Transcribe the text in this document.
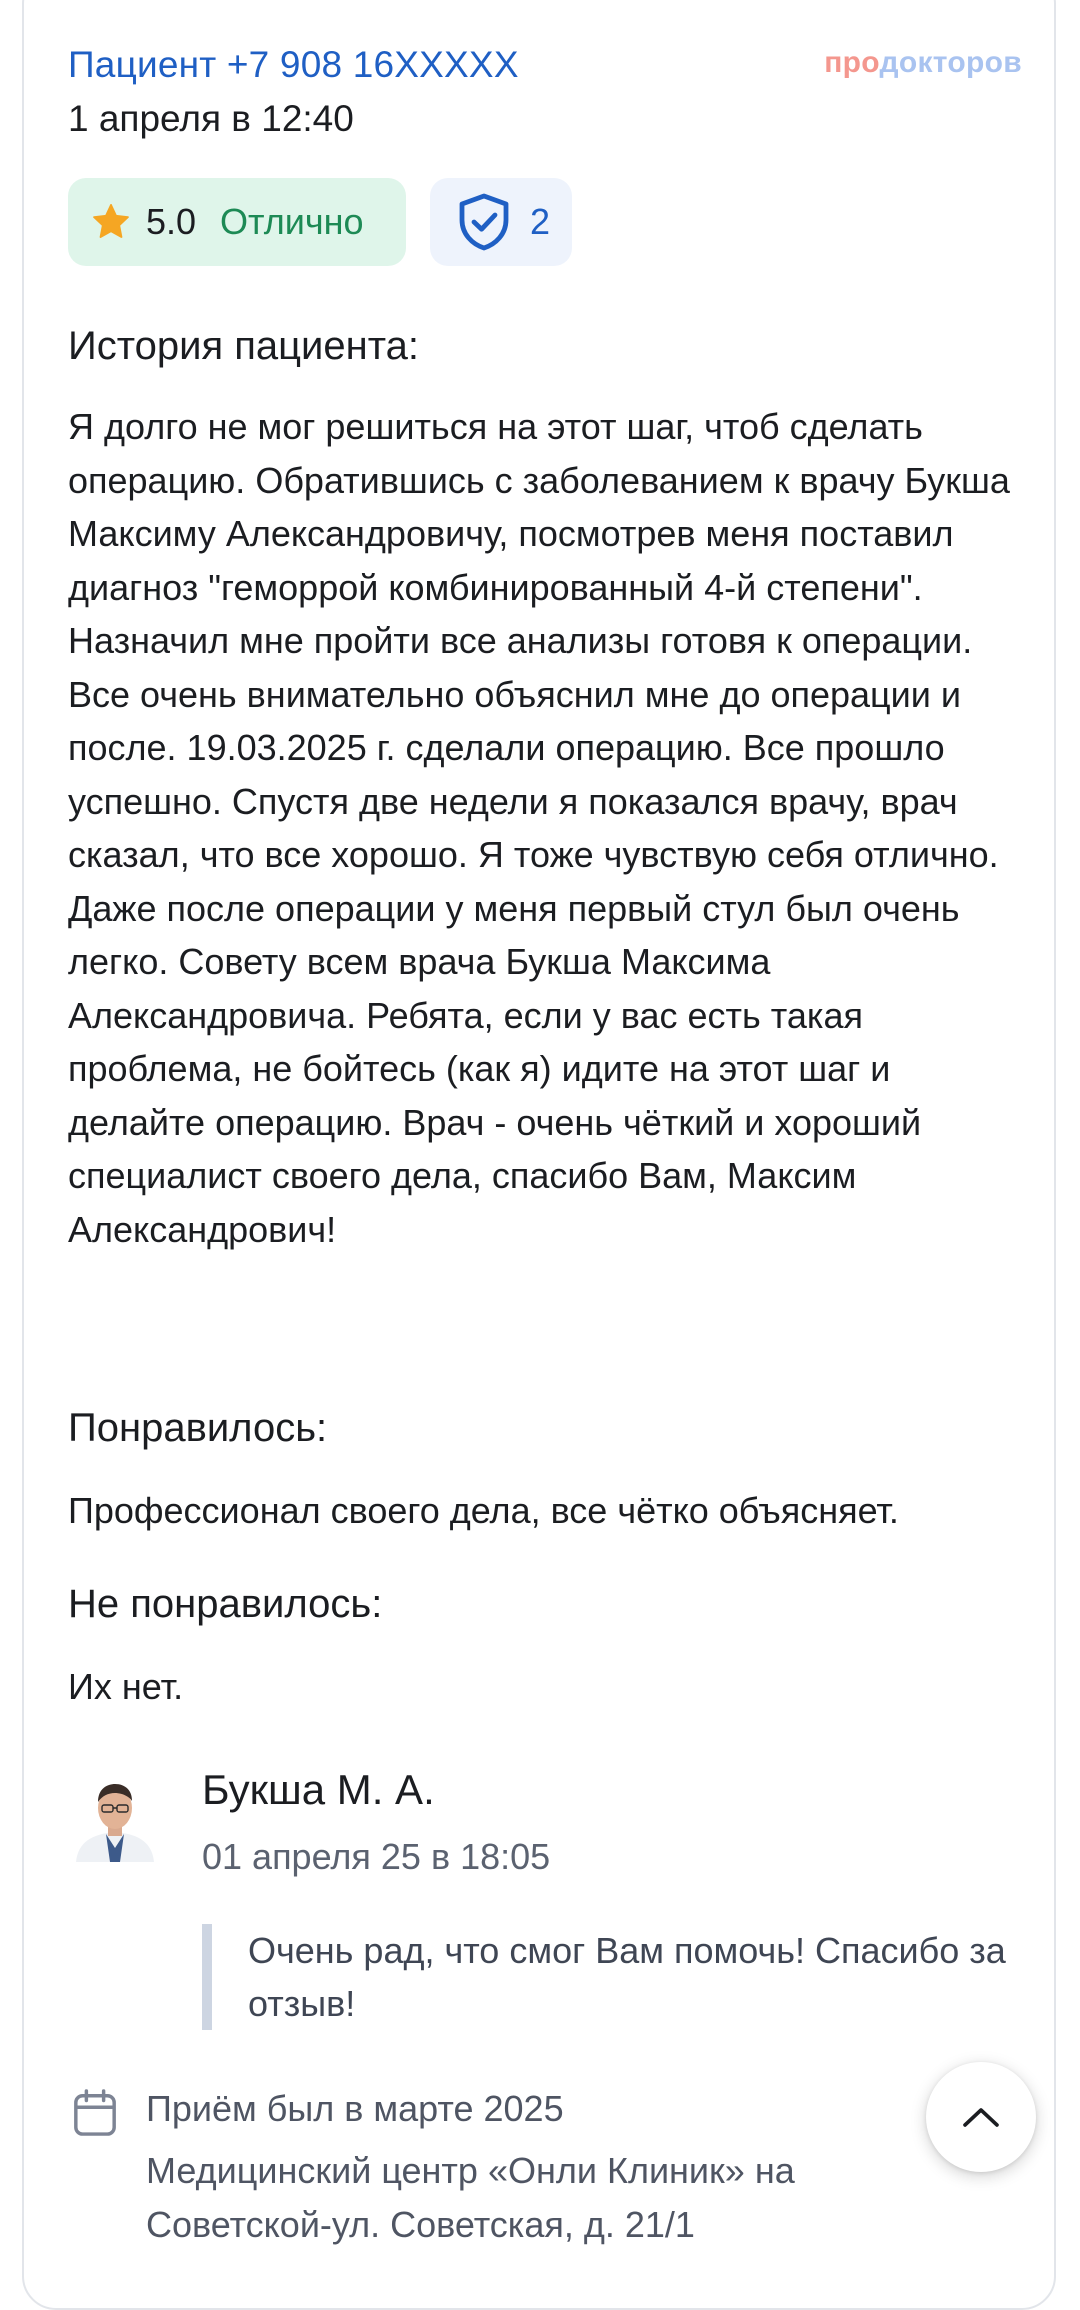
Пациент +7 908 16XXXXX
1 апреля в 12:40
продокторов
5.0 Отлично	2
История пациента:
Я долго не мог решиться на этот шаг, чтоб сделать операцию. Обратившись с заболеванием к врачу Букша Максиму Александровичу, посмотрев меня поставил диагноз "геморрой комбинированный 4-й степени". Назначил мне пройти все анализы готовя к операции. Все очень внимательно объяснил мне до операции и после. 19.03.2025 г. сделали операцию. Все прошло успешно. Спустя две недели я показался врачу, врач сказал, что все хорошо. Я тоже чувствую себя отлично. Даже после операции у меня первый стул был очень легко. Совету всем врача Букша Максима Александровича. Ребята, если у вас есть такая проблема, не бойтесь (как я) идите на этот шаг и делайте операцию. Врач - очень чёткий и хороший специалист своего дела, спасибо Вам, Максим Александрович!
Понравилось:
Профессионал своего дела, все чётко объясняет.
Не понравилось:
Их нет.
Букша М. А.
01 апреля 25 в 18:05
Очень рад, что смог Вам помочь! Спасибо за отзыв!
Приём был в марте 2025
Медицинский центр «Онли Клиник» на Советской-ул. Советская, д. 21/1
